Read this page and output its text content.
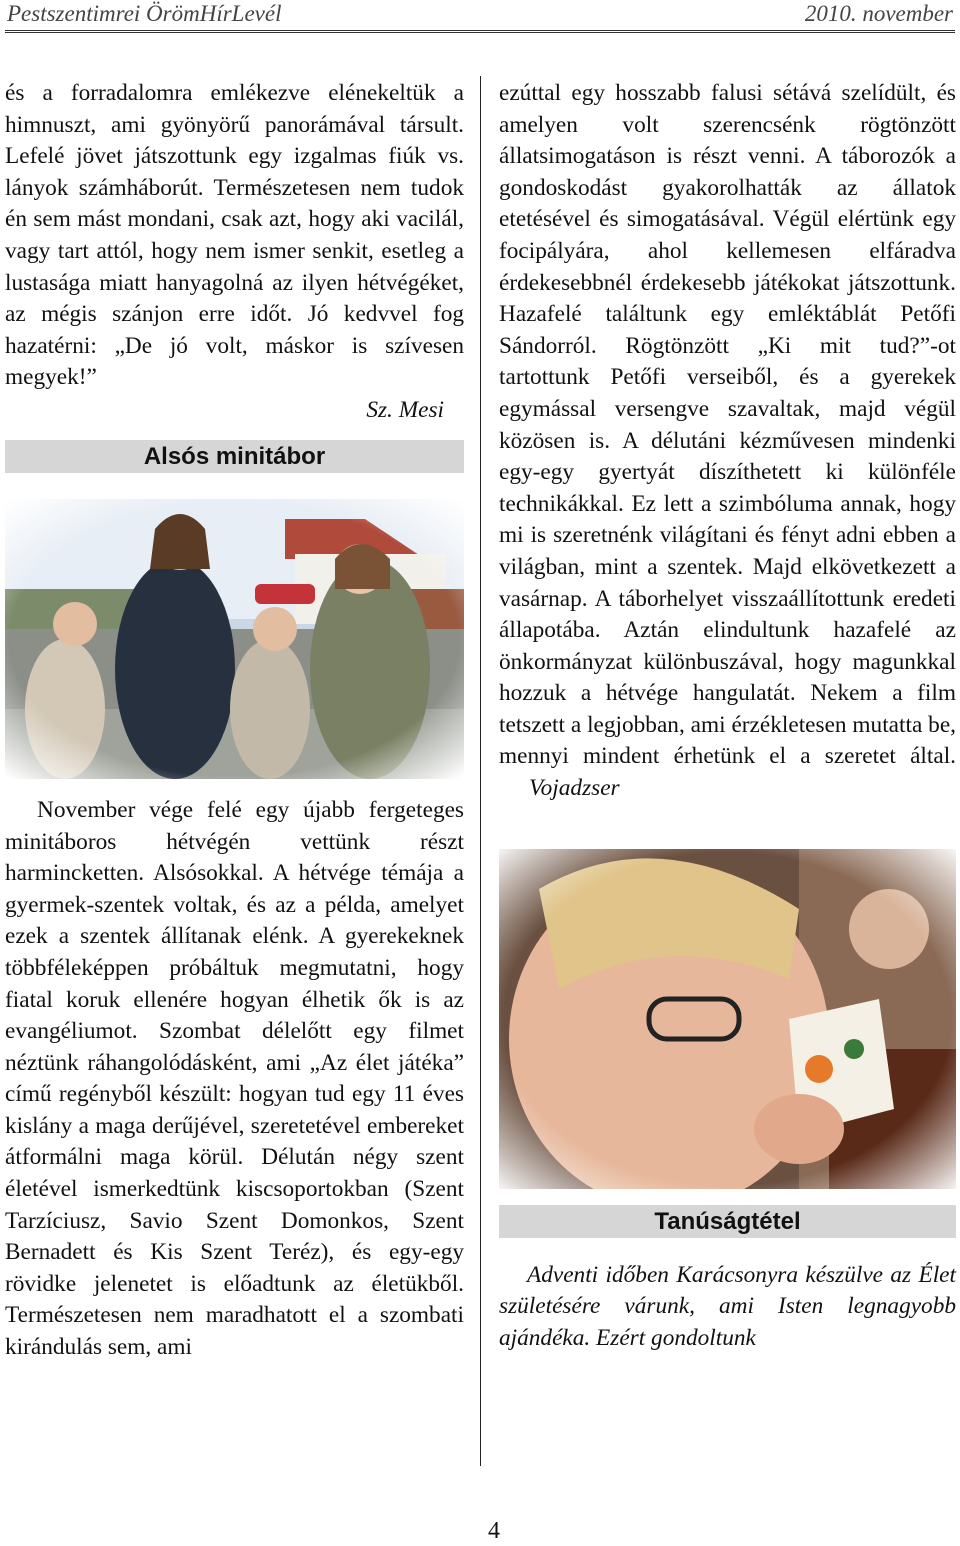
Pestszentimrei ÖrömHírLevél	2010. november

és a forradalomra emlékezve elénekeltük a himnuszt, ami gyönyörű panorámával társult. Lefelé jövet játszottunk egy izgalmas fiúk vs. lányok számháborút. Természetesen nem tudok én sem mást mondani, csak azt, hogy aki vacilál, vagy tart attól, hogy nem ismer senkit, esetleg a lustasága miatt hanyagolná az ilyen hétvégéket, az mégis szánjon erre időt. Jó kedvvel fog hazatérni: „De jó volt, máskor is szívesen megyek!”

Sz. Mesi

Alsós minitábor

November vége felé egy újabb fergeteges minitáboros hétvégén vettünk részt harmincketten. Alsósokkal. A hétvége témája a gyermek-szentek voltak, és az a példa, amelyet ezek a szentek állítanak elénk. A gyerekeknek többféleképpen próbáltuk megmutatni, hogy fiatal koruk ellenére hogyan élhetik ők is az evangéliumot. Szombat délelőtt egy filmet néztünk ráhangolódásként, ami „Az élet játéka” című regényből készült: hogyan tud egy 11 éves kislány a maga derűjével, szeretetével embereket átformálni maga körül. Délután négy szent életével ismerkedtünk kiscsoportokban (Szent Tarzíciusz, Savio Szent Domonkos, Szent Bernadett és Kis Szent Teréz), és egy-egy rövidke jelenetet is előadtunk az életükből. Természetesen nem maradhatott el a szombati kirándulás sem, ami

ezúttal egy hosszabb falusi sétává szelídült, és amelyen volt szerencsénk rögtönzött állatsimogatáson is részt venni. A táborozók a gondoskodást gyakorolhatták az állatok etetésével és simogatásával. Végül elértünk egy focipályára, ahol kellemesen elfáradva érdekesebbnél érdekesebb játékokat játszottunk. Hazafelé találtunk egy emléktáblát Petőfi Sándorról. Rögtönzött „Ki mit tud?”-ot tartottunk Petőfi verseiből, és a gyerekek egymással versengve szavaltak, majd végül közösen is. A délutáni kézművesen mindenki egy-egy gyertyát díszíthetett ki különféle technikákkal. Ez lett a szimbóluma annak, hogy mi is szeretnénk világítani és fényt adni ebben a világban, mint a szentek. Majd elkövetkezett a vasárnap. A táborhelyet visszaállítottunk eredeti állapotába. Aztán elindultunk hazafelé az önkormányzat különbuszával, hogy magunkkal hozzuk a hétvége hangulatát. Nekem a film tetszett a legjobban, ami érzékletesen mutatta be, mennyi mindent érhetünk el a szeretet által. Vojadzser

Tanúságtétel

Adventi időben Karácsonyra készülve az Élet születésére várunk, ami Isten legnagyobb ajándéka. Ezért gondoltunk

4
